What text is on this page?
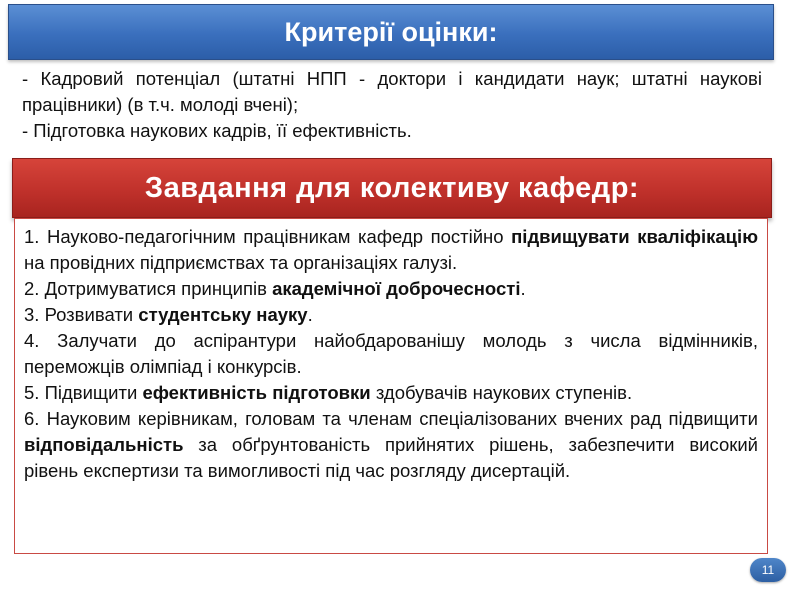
Критерії оцінки:
- Кадровий потенціал (штатні НПП - доктори і кандидати наук; штатні наукові працівники) (в т.ч. молоді вчені);
- Підготовка наукових кадрів, її ефективність.
Завдання для колективу кафедр:
1. Науково-педагогічним працівникам кафедр постійно підвищувати кваліфікацію на провідних підприємствах та організаціях галузі.
2. Дотримуватися принципів академічної доброчесності.
3. Розвивати студентську науку.
4. Залучати до аспірантури найобдарованішу молодь з числа відмінників, переможців олімпіад і конкурсів.
5. Підвищити ефективність підготовки здобувачів наукових ступенів.
6. Науковим керівникам, головам та членам спеціалізованих вчених рад підвищити відповідальність за обґрунтованість прийнятих рішень, забезпечити високий рівень експертизи та вимогливості під час розгляду дисертацій.
11
